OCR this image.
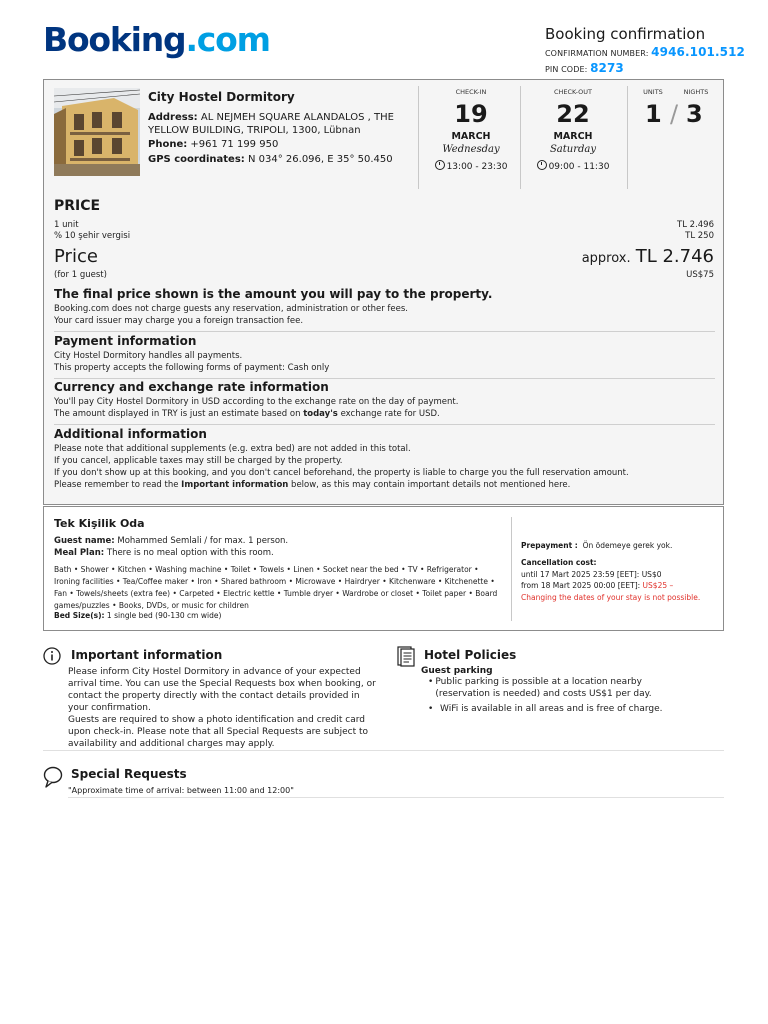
Booking.com	Booking confirmation
CONFIRMATION NUMBER: 4946.101.512
PIN CODE: 8273
City Hostel Dormitory
Address: AL NEJMEH SQUARE ALANDALOS , THE YELLOW BUILDING, TRIPOLI, 1300, Lübnan
Phone: +961 71 199 950
GPS coordinates: N 034° 26.096, E 35° 50.450
CHECK-IN
19
MARCH
Wednesday
13:00 - 23:30
CHECK-OUT
22
MARCH
Saturday
09:00 - 11:30
UNITS	NIGHTS
1 / 3
PRICE
1 unit	TL 2.496
% 10 şehir vergisi	TL 250
Price	approx. TL 2.746
(for 1 guest)	US$75
The final price shown is the amount you will pay to the property.
Booking.com does not charge guests any reservation, administration or other fees.
Your card issuer may charge you a foreign transaction fee.
Payment information
City Hostel Dormitory handles all payments.
This property accepts the following forms of payment: Cash only
Currency and exchange rate information
You'll pay City Hostel Dormitory in USD according to the exchange rate on the day of payment.
The amount displayed in TRY is just an estimate based on today's exchange rate for USD.
Additional information
Please note that additional supplements (e.g. extra bed) are not added in this total.
If you cancel, applicable taxes may still be charged by the property.
If you don't show up at this booking, and you don't cancel beforehand, the property is liable to charge you the full reservation amount.
Please remember to read the Important information below, as this may contain important details not mentioned here.
Tek Kişilik Oda
Guest name: Mohammed Semlali / for max. 1 person.
Meal Plan: There is no meal option with this room.
Bath • Shower • Kitchen • Washing machine • Toilet • Towels • Linen • Socket near the bed • TV • Refrigerator • Ironing facilities • Tea/Coffee maker • Iron • Shared bathroom • Microwave • Hairdryer • Kitchenware • Kitchenette • Fan • Towels/sheets (extra fee) • Carpeted • Electric kettle • Tumble dryer • Wardrobe or closet • Toilet paper • Board games/puzzles • Books, DVDs, or music for children
Bed Size(s): 1 single bed (90-130 cm wide)
Prepayment : Ön ödemeye gerek yok.
Cancellation cost:
until 17 Mart 2025 23:59 [EET]: US$0
from 18 Mart 2025 00:00 [EET]: US$25 –
Changing the dates of your stay is not possible.
Important information
Please inform City Hostel Dormitory in advance of your expected arrival time. You can use the Special Requests box when booking, or contact the property directly with the contact details provided in your confirmation.
Guests are required to show a photo identification and credit card upon check-in. Please note that all Special Requests are subject to availability and additional charges may apply.
Hotel Policies
Guest parking
• Public parking is possible at a location nearby (reservation is needed) and costs US$1 per day.
• WiFi is available in all areas and is free of charge.
Special Requests
"Approximate time of arrival: between 11:00 and 12:00"
